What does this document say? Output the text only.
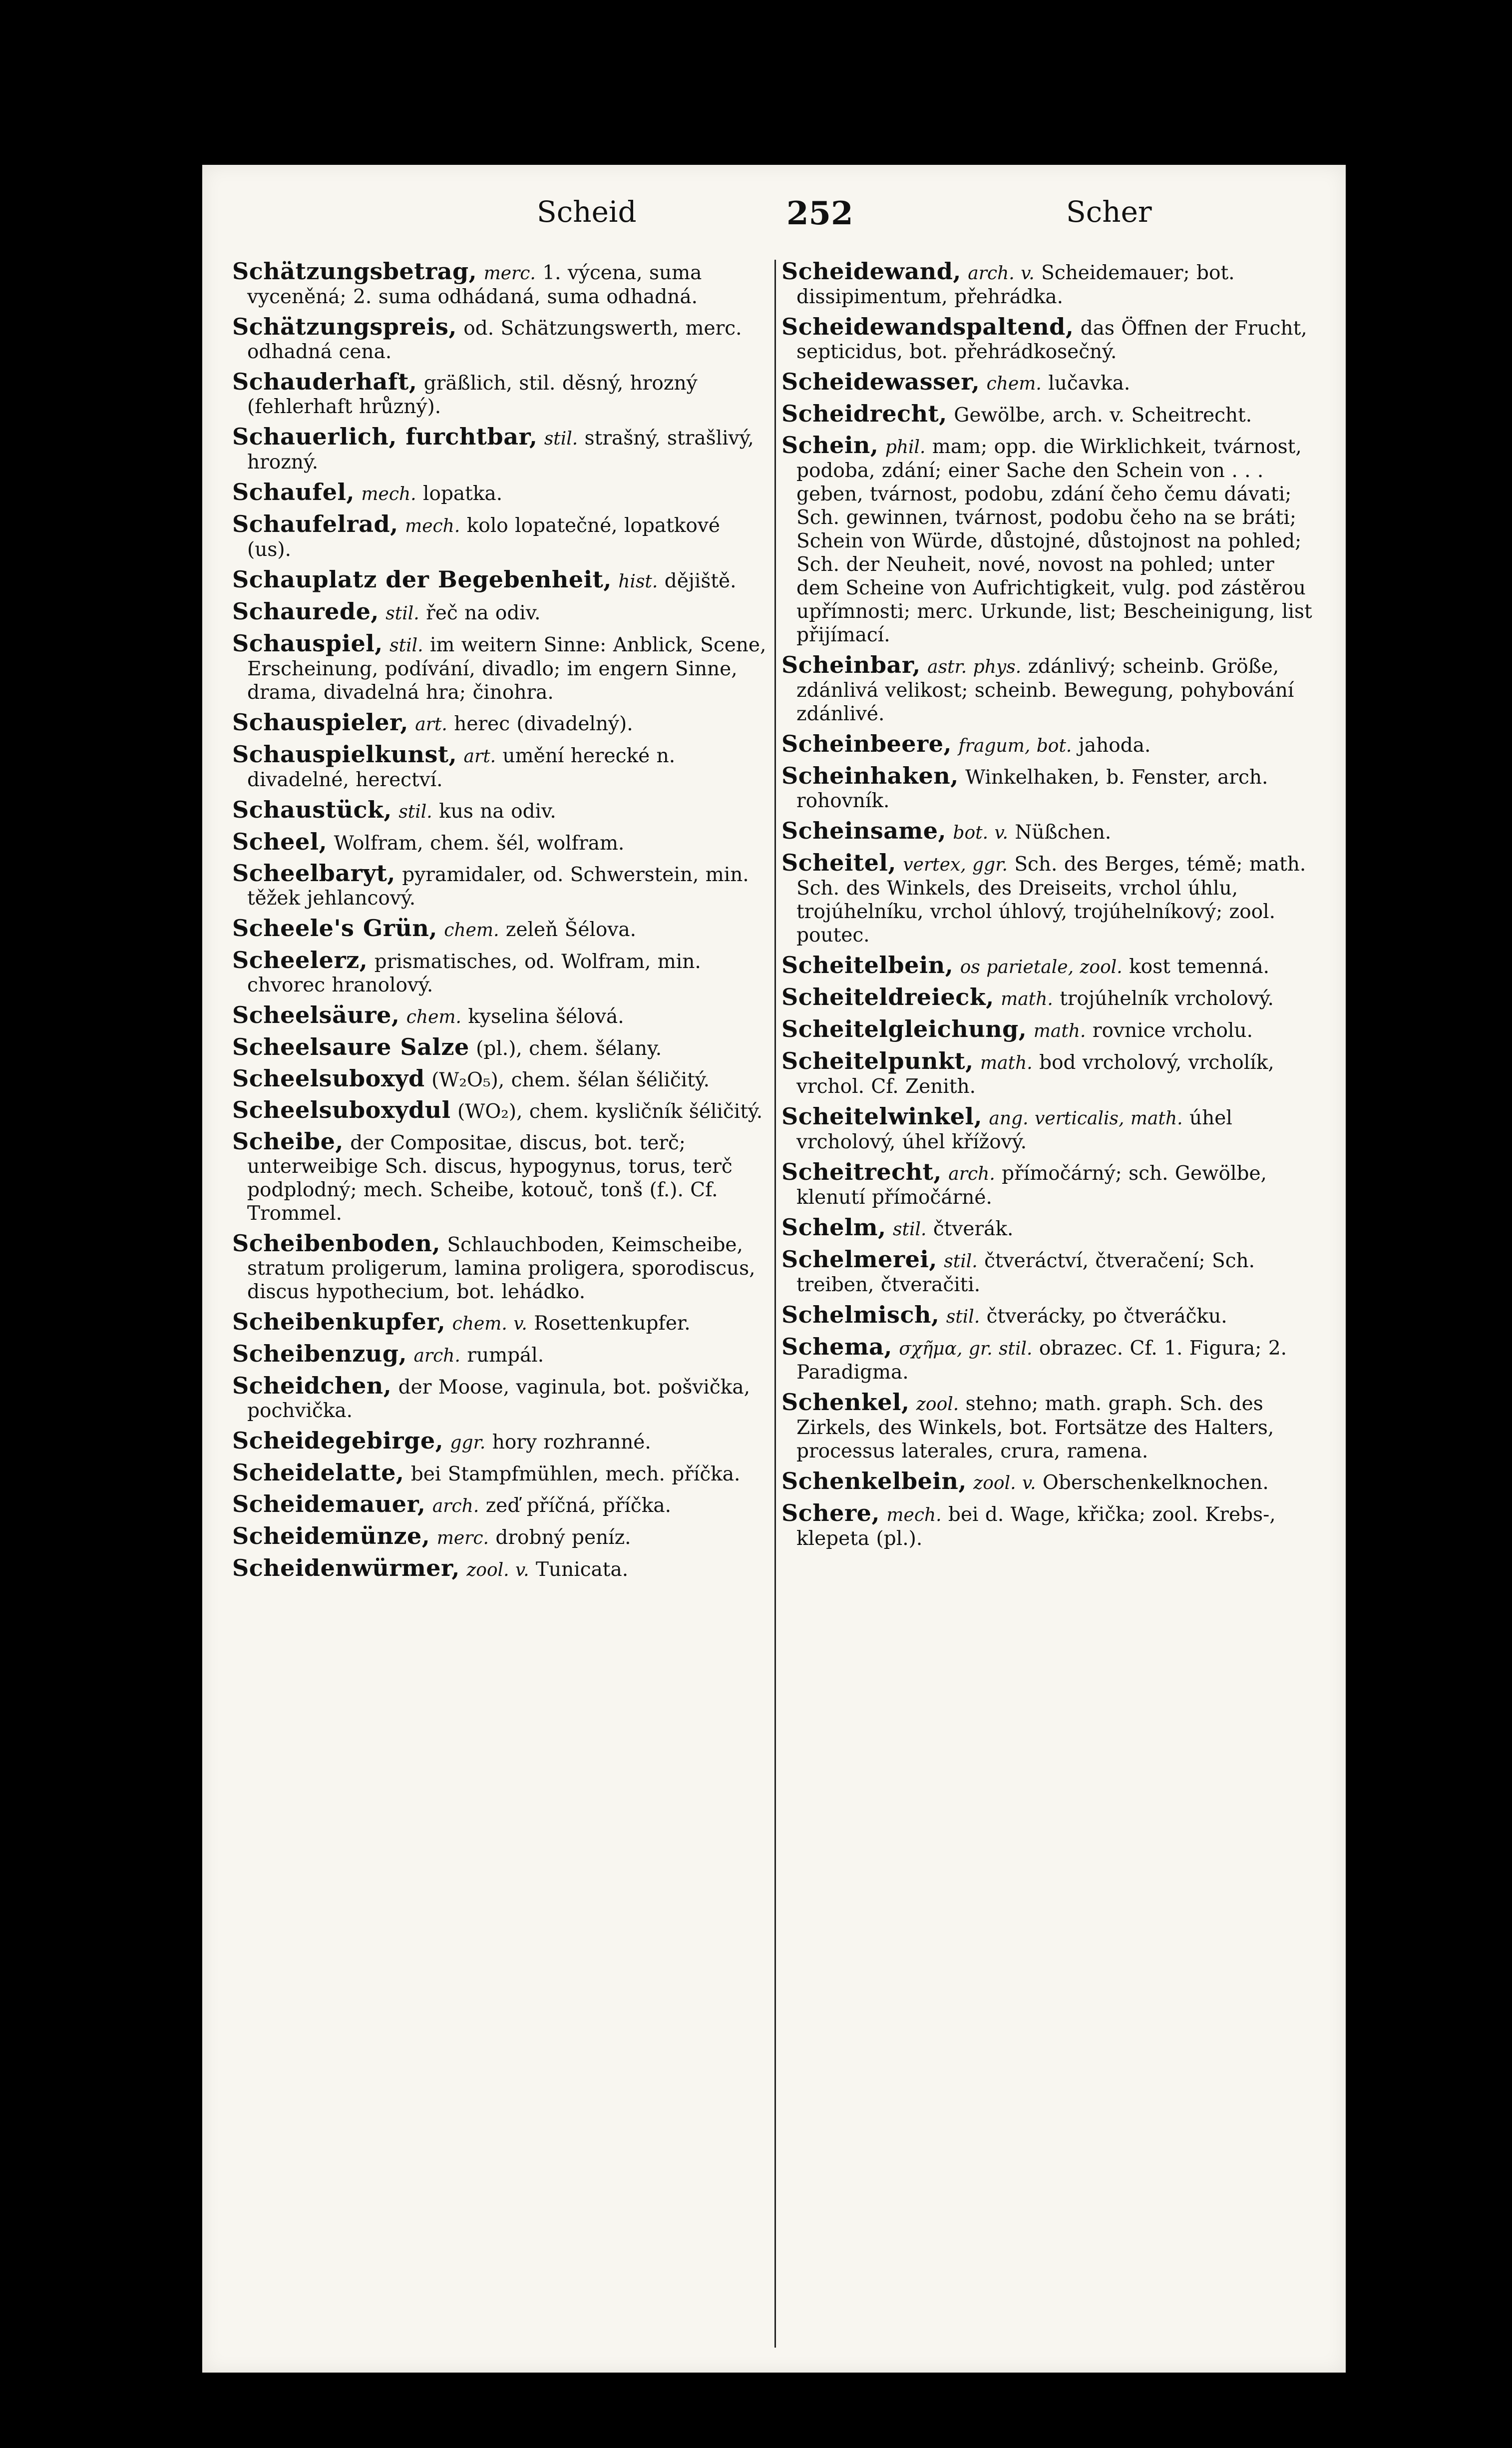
Scheid	252	Scher

Schätzungsbetrag, merc. 1. výcena, suma vyceněná; 2. suma odhádaná, suma odhadná.

Schätzungspreis, od. Schätzungswerth, merc. odhadná cena.

Schauderhaft, gräßlich, stil. děsný, hrozný (fehlerhaft hrůzný).

Schauerlich, furchtbar, stil. strašný, strašlivý, hrozný.

Schaufel, mech. lopatka.

Schaufelrad, mech. kolo lopatečné, lopatkové (us).

Schauplatz der Begebenheit, hist. dějiště.

Schaurede, stil. řeč na odiv.

Schauspiel, stil. im weitern Sinne: Anblick, Scene, Erscheinung, podívání, divadlo; im engern Sinne, drama, divadelná hra; činohra.

Schauspieler, art. herec (divadelný).

Schauspielkunst, art. umění herecké n. divadelné, herectví.

Schaustück, stil. kus na odiv.

Scheel, Wolfram, chem. šél, wolfram.

Scheelbaryt, pyramidaler, od. Schwerstein, min. těžek jehlancový.

Scheele's Grün, chem. zeleň Šélova.

Scheelerz, prismatisches, od. Wolfram, min. chvorec hranolový.

Scheelsäure, chem. kyselina šélová.

Scheelsaure Salze (pl.), chem. šélany.

Scheelsuboxyd (W₂O₅), chem. šélan šéličitý.

Scheelsuboxydul (WO₂), chem. kysličník šéličitý.

Scheibe, der Compositae, discus, bot. terč; unterweibige Sch. discus, hypogynus, torus, terč podplodný; mech. Scheibe, kotouč, tonš (f.). Cf. Trommel.

Scheibenboden, Schlauchboden, Keimscheibe, stratum proligerum, lamina proligera, sporodiscus, discus hypothecium, bot. lehádko.

Scheibenkupfer, chem. v. Rosettenkupfer.

Scheibenzug, arch. rumpál.

Scheidchen, der Moose, vaginula, bot. pošvička, pochvička.

Scheidegebirge, ggr. hory rozhranné.

Scheidelatte, bei Stampfmühlen, mech. příčka.

Scheidemauer, arch. zeď příčná, příčka.

Scheidemünze, merc. drobný peníz.

Scheidenwürmer, zool. v. Tunicata.

Scheidewand, arch. v. Scheidemauer; bot. dissipimentum, přehrádka.

Scheidewandspaltend, das Öffnen der Frucht, septicidus, bot. přehrádkosečný.

Scheidewasser, chem. lučavka.

Scheidrecht, Gewölbe, arch. v. Scheitrecht.

Schein, phil. mam; opp. die Wirklichkeit, tvárnost, podoba, zdání; einer Sache den Schein von . . . geben, tvárnost, podobu, zdání čeho čemu dávati; Sch. gewinnen, tvárnost, podobu čeho na se bráti; Schein von Würde, důstojné, důstojnost na pohled; Sch. der Neuheit, nové, novost na pohled; unter dem Scheine von Aufrichtigkeit, vulg. pod zástěrou upřímnosti; merc. Urkunde, list; Bescheinigung, list přijímací.

Scheinbar, astr. phys. zdánlivý; scheinb. Größe, zdánlivá velikost; scheinb. Bewegung, pohybování zdánlivé.

Scheinbeere, fragum, bot. jahoda.

Scheinhaken, Winkelhaken, b. Fenster, arch. rohovník.

Scheinsame, bot. v. Nüßchen.

Scheitel, vertex, ggr. Sch. des Berges, témě; math. Sch. des Winkels, des Dreiseits, vrchol úhlu, trojúhelníku, vrchol úhlový, trojúhelníkový; zool. poutec.

Scheitelbein, os parietale, zool. kost temenná.

Scheiteldreieck, math. trojúhelník vrcholový.

Scheitelgleichung, math. rovnice vrcholu.

Scheitelpunkt, math. bod vrcholový, vrcholík, vrchol. Cf. Zenith.

Scheitelwinkel, ang. verticalis, math. úhel vrcholový, úhel křížový.

Scheitrecht, arch. přímočárný; sch. Gewölbe, klenutí přímočárné.

Schelm, stil. čtverák.

Schelmerei, stil. čtveráctví, čtveračení; Sch. treiben, čtveračiti.

Schelmisch, stil. čtverácky, po čtveráčku.

Schema, σχῆμα, gr. stil. obrazec. Cf. 1. Figura; 2. Paradigma.

Schenkel, zool. stehno; math. graph. Sch. des Zirkels, des Winkels, bot. Fortsätze des Halters, processus laterales, crura, ramena.

Schenkelbein, zool. v. Oberschenkelknochen.

Schere, mech. bei d. Wage, křička; zool. Krebs-, klepeta (pl.).
